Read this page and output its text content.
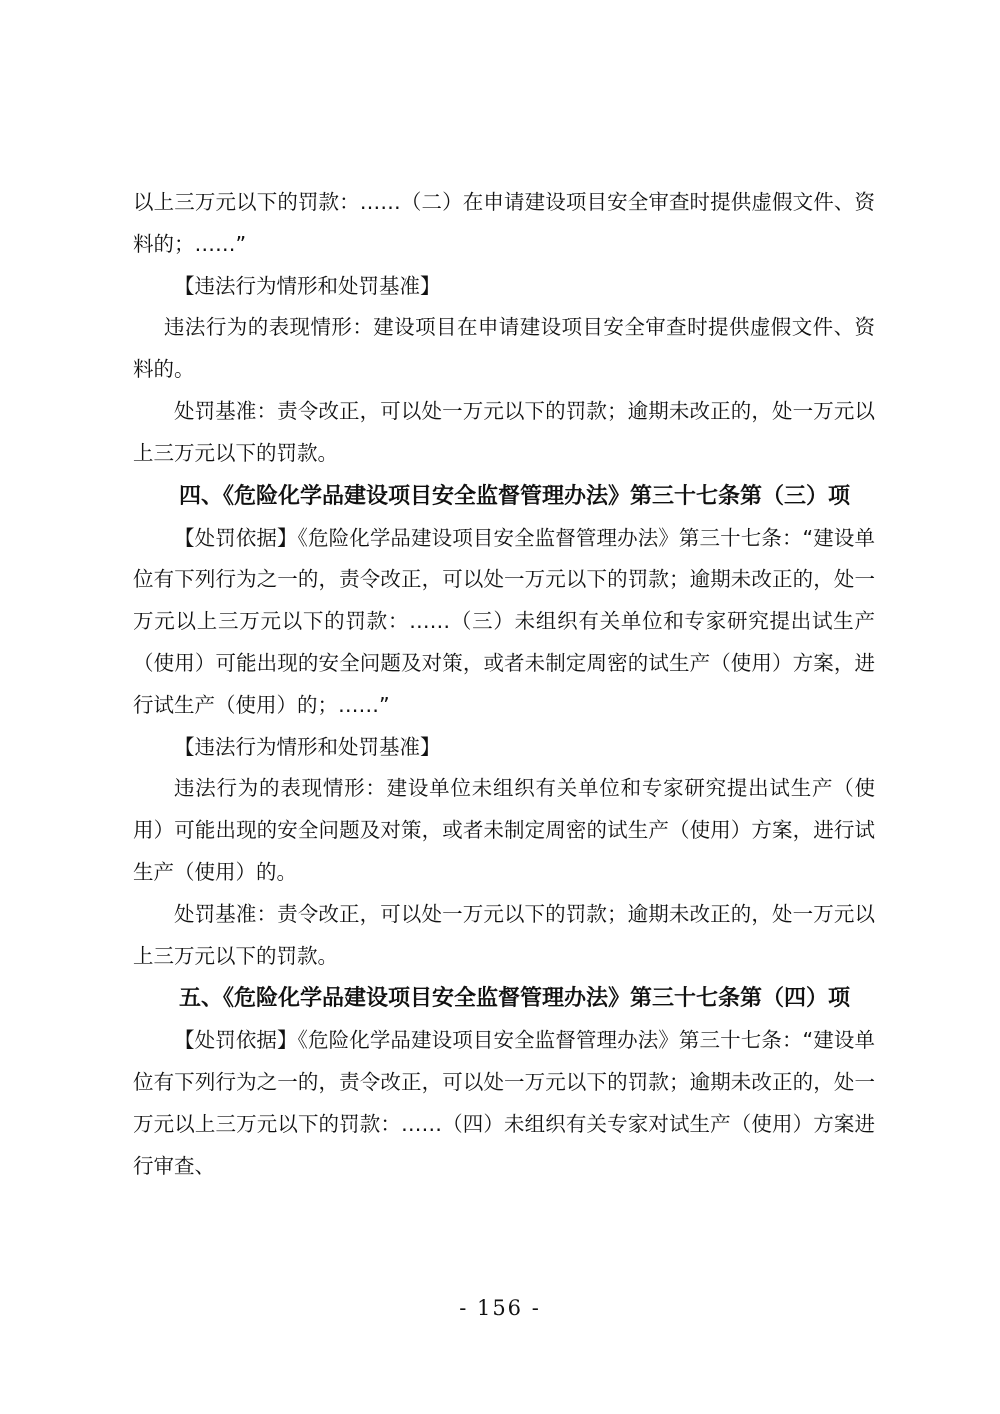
以上三万元以下的罚款：……（二）在申请建设项目安全审查时提供虚假文件、资料的；……”

【违法行为情形和处罚基准】

违法行为的表现情形：建设项目在申请建设项目安全审查时提供虚假文件、资料的。

处罚基准：责令改正，可以处一万元以下的罚款；逾期未改正的，处一万元以上三万元以下的罚款。

四、《危险化学品建设项目安全监督管理办法》第三十七条第（三）项

【处罚依据】《危险化学品建设项目安全监督管理办法》第三十七条：“建设单位有下列行为之一的，责令改正，可以处一万元以下的罚款；逾期未改正的，处一万元以上三万元以下的罚款：……（三）未组织有关单位和专家研究提出试生产（使用）可能出现的安全问题及对策，或者未制定周密的试生产（使用）方案，进行试生产（使用）的；……”

【违法行为情形和处罚基准】

违法行为的表现情形：建设单位未组织有关单位和专家研究提出试生产（使用）可能出现的安全问题及对策，或者未制定周密的试生产（使用）方案，进行试生产（使用）的。

处罚基准：责令改正，可以处一万元以下的罚款；逾期未改正的，处一万元以上三万元以下的罚款。

五、《危险化学品建设项目安全监督管理办法》第三十七条第（四）项

【处罚依据】《危险化学品建设项目安全监督管理办法》第三十七条：“建设单位有下列行为之一的，责令改正，可以处一万元以下的罚款；逾期未改正的，处一万元以上三万元以下的罚款：……（四）未组织有关专家对试生产（使用）方案进行审查、

- 156 -
